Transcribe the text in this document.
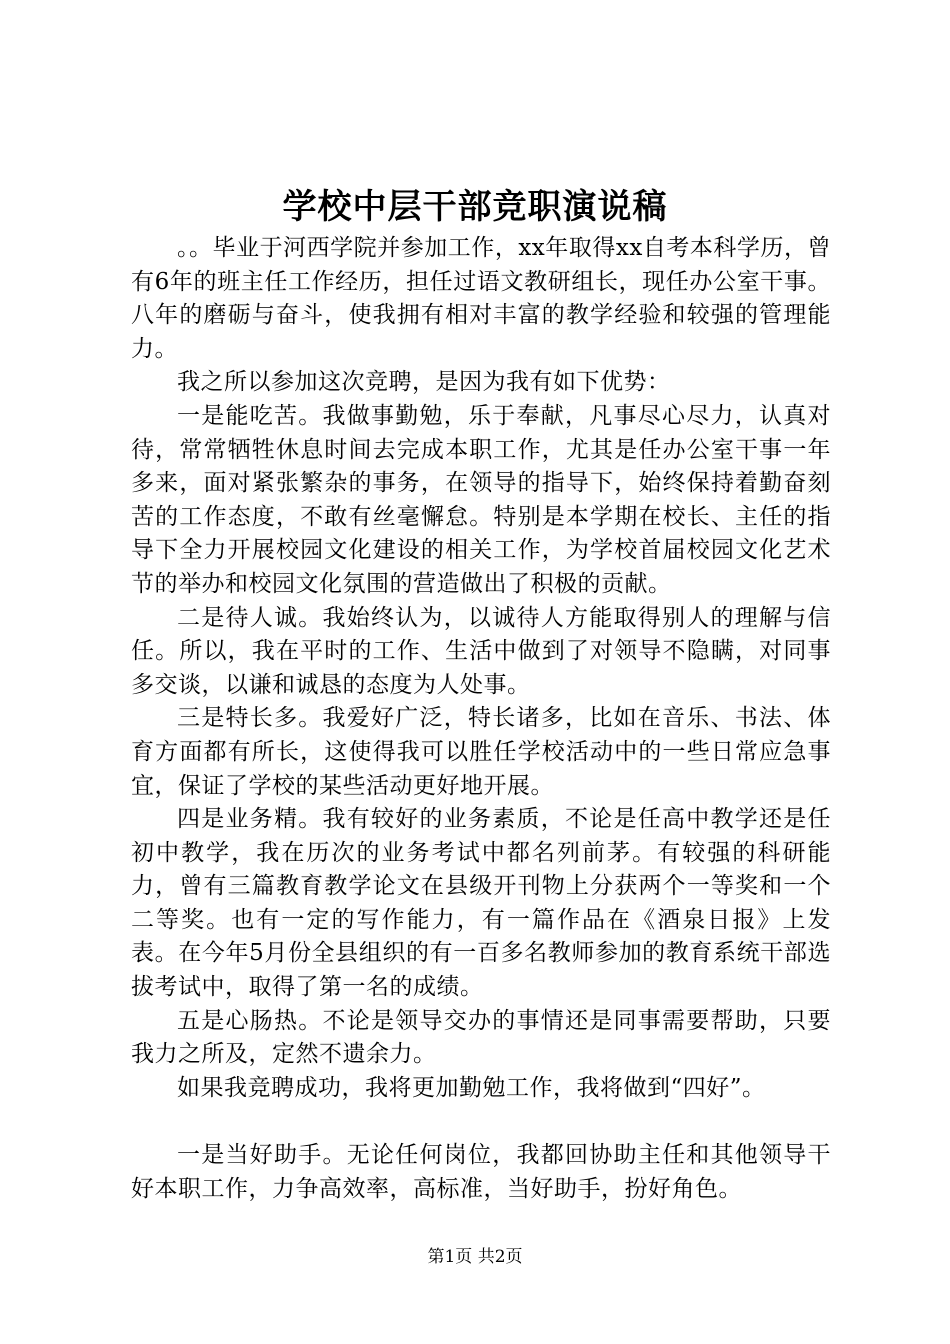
学校中层干部竞职演说稿

。。毕业于河西学院并参加工作，xx年取得xx自考本科学历，曾有6年的班主任工作经历，担任过语文教研组长，现任办公室干事。八年的磨砺与奋斗，使我拥有相对丰富的教学经验和较强的管理能力。

我之所以参加这次竞聘，是因为我有如下优势：

一是能吃苦。我做事勤勉，乐于奉献，凡事尽心尽力，认真对待，常常牺牲休息时间去完成本职工作，尤其是任办公室干事一年多来，面对紧张繁杂的事务，在领导的指导下，始终保持着勤奋刻苦的工作态度，不敢有丝毫懈怠。特别是本学期在校长、主任的指导下全力开展校园文化建设的相关工作，为学校首届校园文化艺术节的举办和校园文化氛围的营造做出了积极的贡献。

二是待人诚。我始终认为，以诚待人方能取得别人的理解与信任。所以，我在平时的工作、生活中做到了对领导不隐瞒，对同事多交谈，以谦和诚恳的态度为人处事。

三是特长多。我爱好广泛，特长诸多，比如在音乐、书法、体育方面都有所长，这使得我可以胜任学校活动中的一些日常应急事宜，保证了学校的某些活动更好地开展。

四是业务精。我有较好的业务素质，不论是任高中教学还是任初中教学，我在历次的业务考试中都名列前茅。有较强的科研能力，曾有三篇教育教学论文在县级开刊物上分获两个一等奖和一个二等奖。也有一定的写作能力，有一篇作品在《酒泉日报》上发表。在今年5月份全县组织的有一百多名教师参加的教育系统干部选拔考试中，取得了第一名的成绩。

五是心肠热。不论是领导交办的事情还是同事需要帮助，只要我力之所及，定然不遗余力。

如果我竞聘成功，我将更加勤勉工作，我将做到“四好”。

一是当好助手。无论任何岗位，我都回协助主任和其他领导干好本职工作，力争高效率，高标准，当好助手，扮好角色。

第1页 共2页
